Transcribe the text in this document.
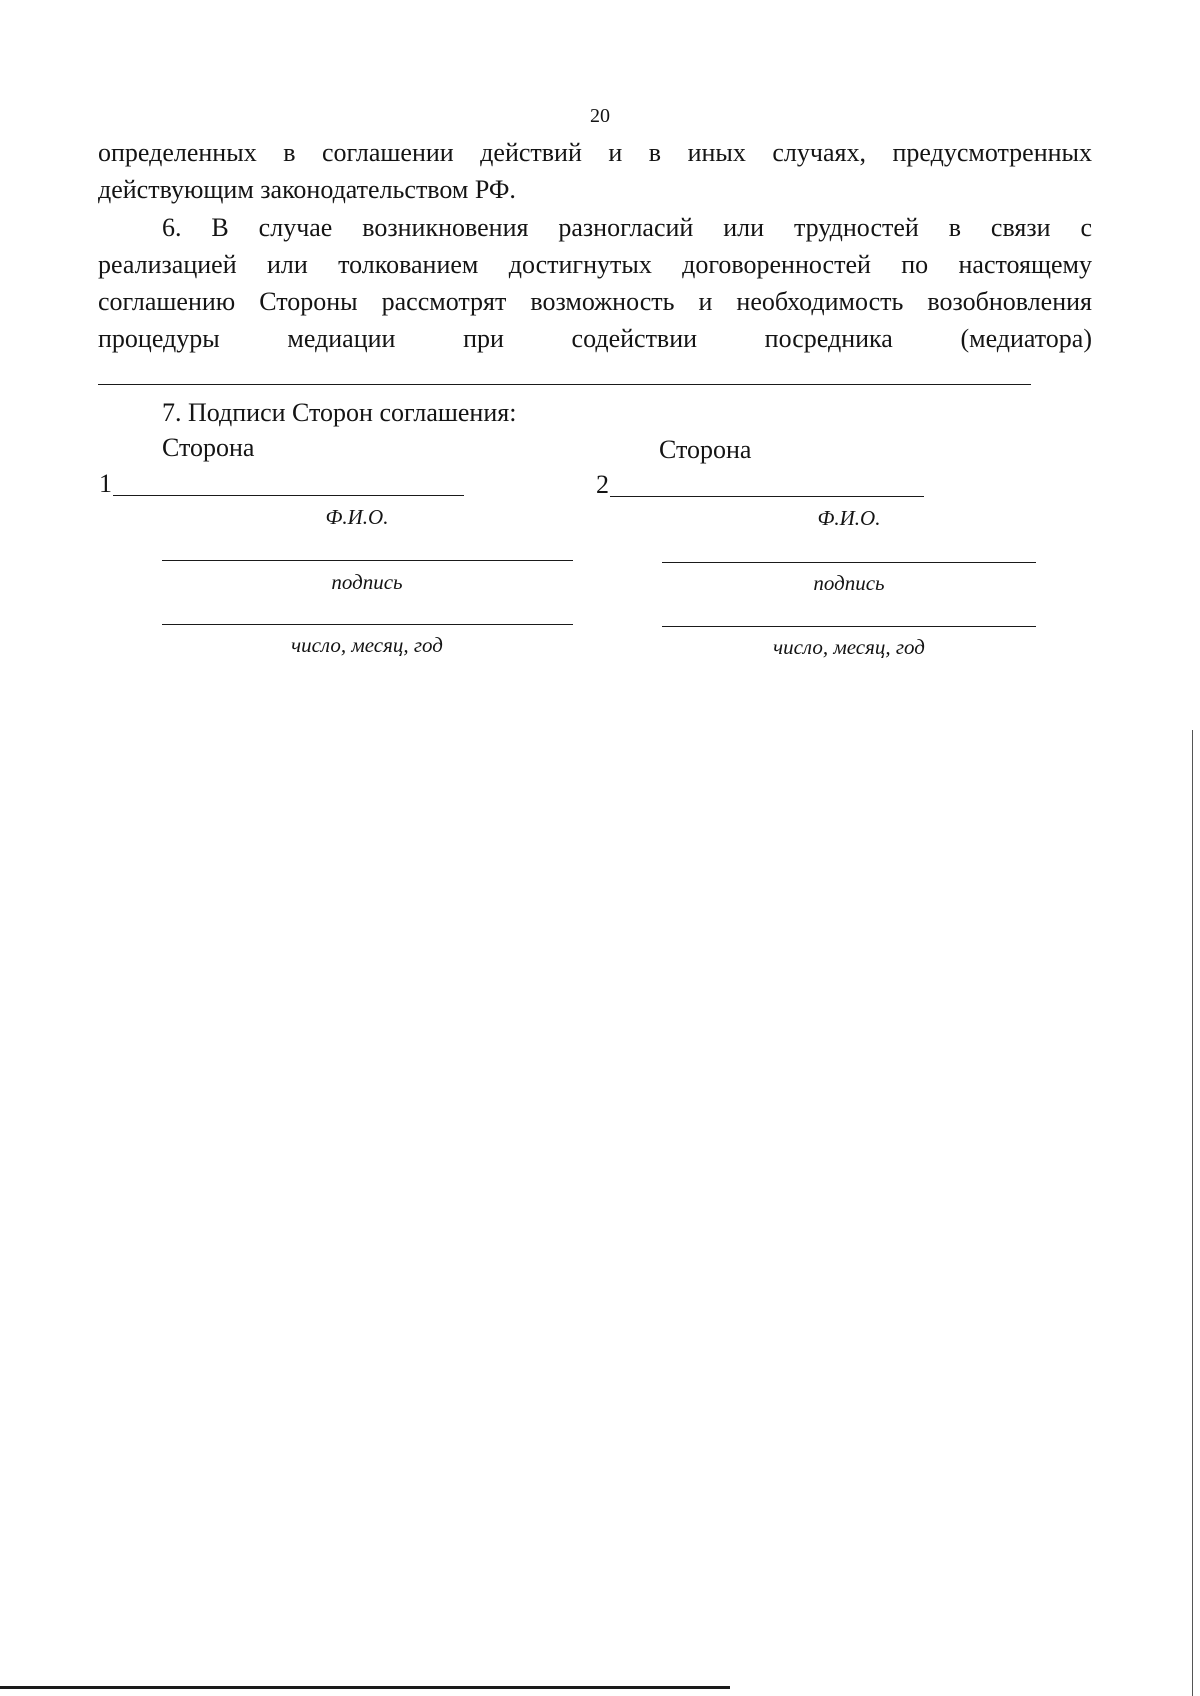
20
определенных в соглашении действий и в иных случаях, предусмотренных
действующим законодательством РФ.
6. В случае возникновения разногласий или трудностей в связи с
реализацией или толкованием достигнутых договоренностей по настоящему
соглашению Стороны рассмотрят возможность и необходимость возобновления
процедуры медиации при содействии посредника (медиатора)
7. Подписи Сторон соглашения:
Сторона
1
Ф.И.О.
подпись
число, месяц, год
Сторона
2
Ф.И.О.
подпись
число, месяц, год
